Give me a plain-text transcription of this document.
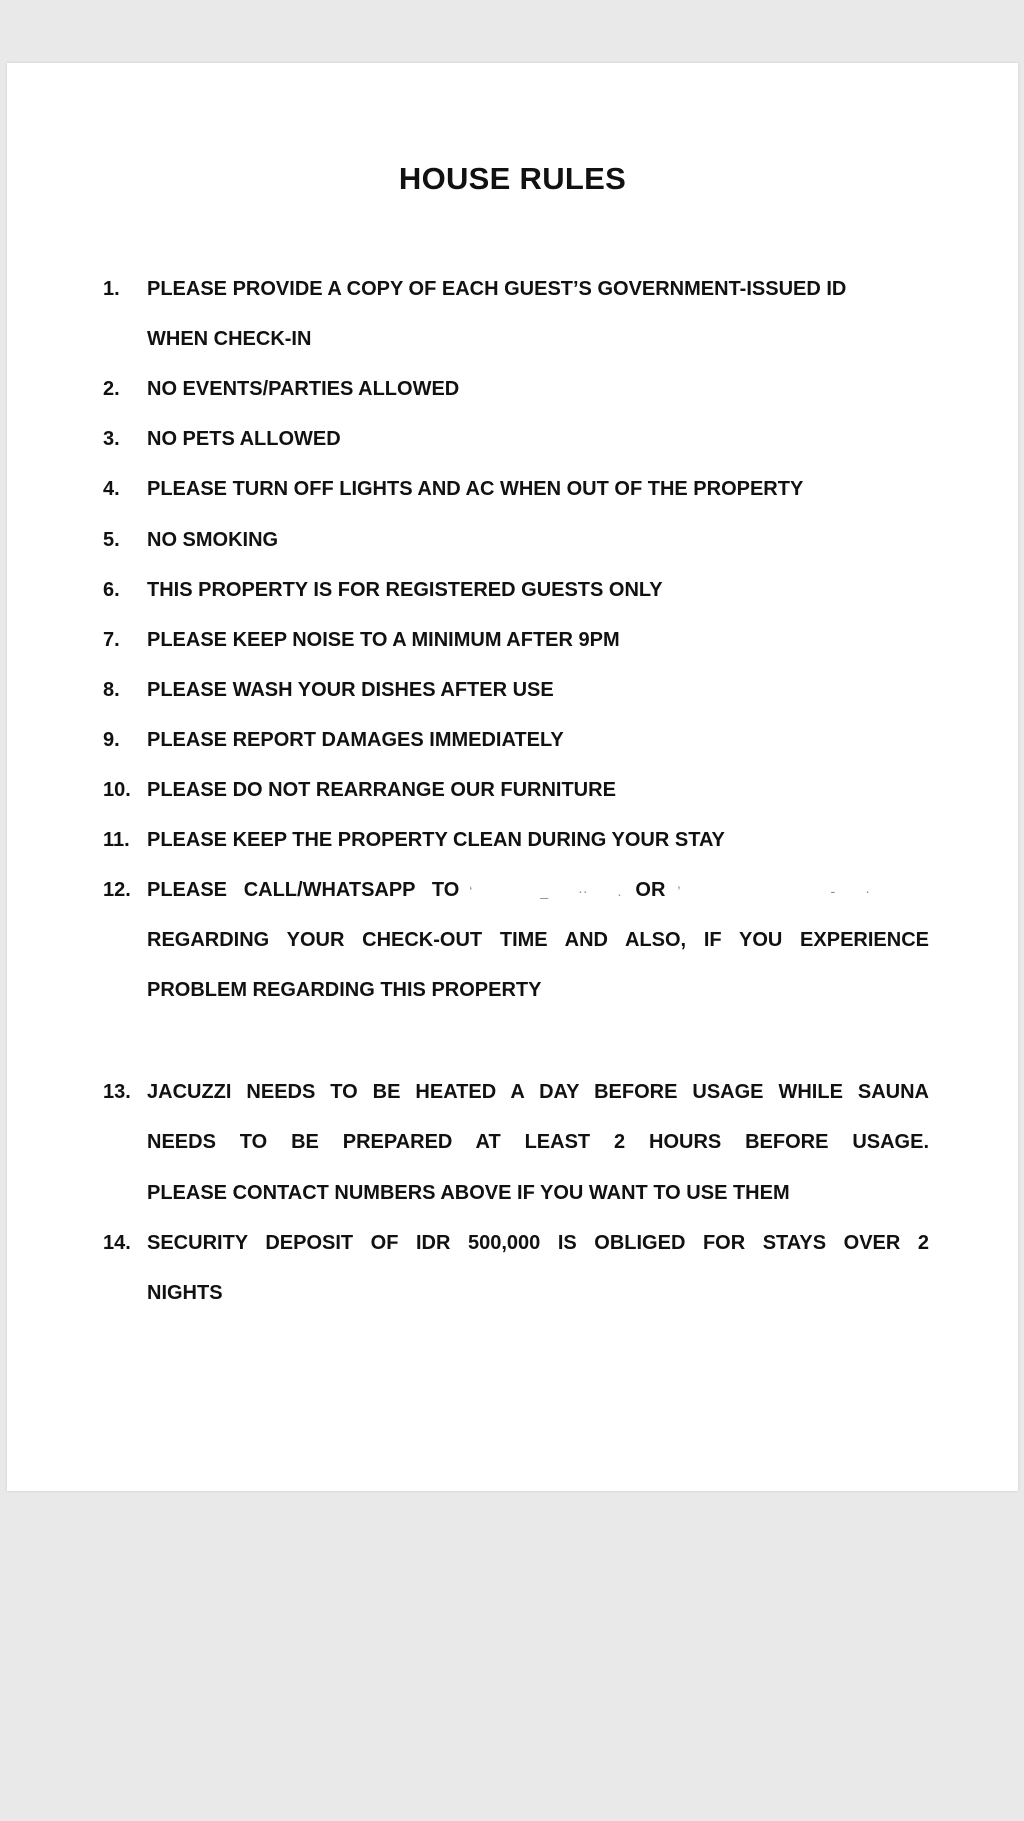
HOUSE RULES
1. PLEASE PROVIDE A COPY OF EACH GUEST’S GOVERNMENT-ISSUED ID
WHEN CHECK-IN
2. NO EVENTS/PARTIES ALLOWED
3. NO PETS ALLOWED
4. PLEASE TURN OFF LIGHTS AND AC WHEN OUT OF THE PROPERTY
5. NO SMOKING
6. THIS PROPERTY IS FOR REGISTERED GUESTS ONLY
7. PLEASE KEEP NOISE TO A MINIMUM AFTER 9PM
8. PLEASE WASH YOUR DISHES AFTER USE
9. PLEASE REPORT DAMAGES IMMEDIATELY
10. PLEASE DO NOT REARRANGE OUR FURNITURE
11. PLEASE KEEP THE PROPERTY CLEAN DURING YOUR STAY
12. PLEASE   CALL/WHATSAPP   TO ‘	_ ·· . OR ’	- ·
REGARDING YOUR CHECK-OUT TIME AND ALSO, IF YOU EXPERIENCE
PROBLEM REGARDING THIS PROPERTY
13. JACUZZI NEEDS TO BE HEATED A DAY BEFORE USAGE WHILE SAUNA
NEEDS TO BE PREPARED AT LEAST 2 HOURS BEFORE USAGE.
PLEASE CONTACT NUMBERS ABOVE IF YOU WANT TO USE THEM
14. SECURITY DEPOSIT OF IDR 500,000 IS OBLIGED FOR STAYS OVER 2
NIGHTS
